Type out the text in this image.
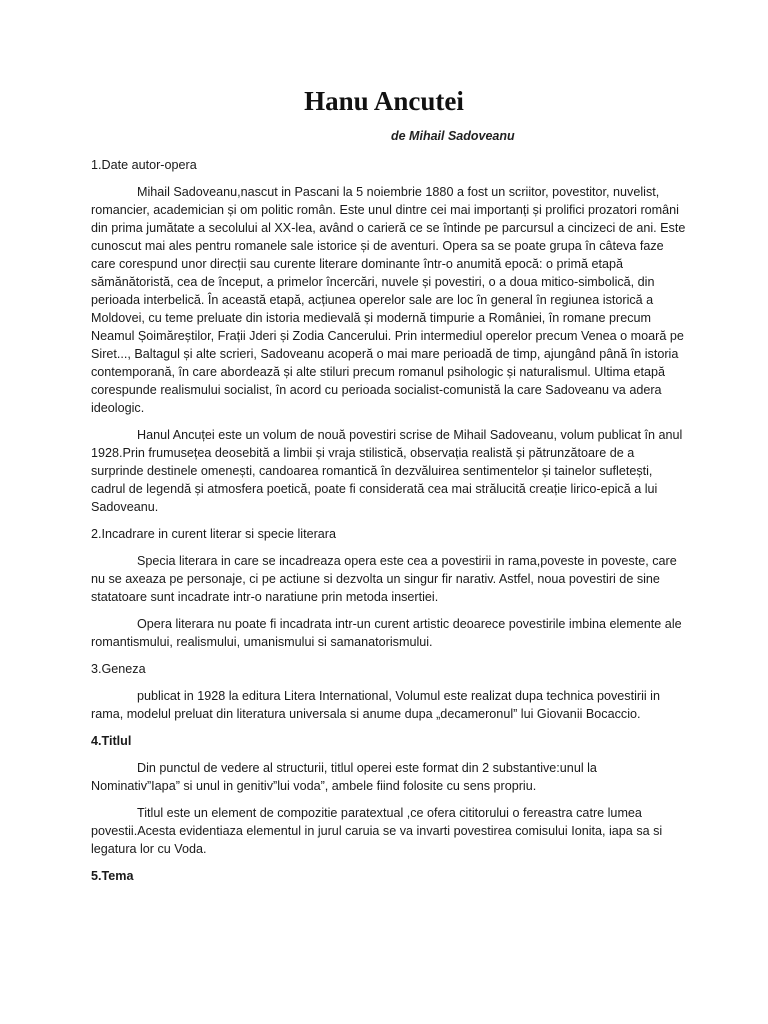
Hanu Ancutei
de Mihail Sadoveanu

1.Date autor-opera

Mihail Sadoveanu,nascut in Pascani la 5 noiembrie 1880 a fost un scriitor, povestitor, nuvelist, romancier, academician și om politic român. Este unul dintre cei mai importanți și prolifici prozatori români din prima jumătate a secolului al XX-lea, având o carieră ce se întinde pe parcursul a cincizeci de ani. Este cunoscut mai ales pentru romanele sale istorice și de aventuri. Opera sa se poate grupa în câteva faze care corespund unor direcții sau curente literare dominante într-o anumită epocă: o primă etapă sămănătoristă, cea de început, a primelor încercări, nuvele și povestiri, o a doua mitico-simbolică, din perioada interbelică. În această etapă, acțiunea operelor sale are loc în general în regiunea istorică a Moldovei, cu teme preluate din istoria medievală și modernă timpurie a României, în romane precum Neamul Șoimăreștilor, Frații Jderi și Zodia Cancerului. Prin intermediul operelor precum Venea o moară pe Siret..., Baltagul și alte scrieri, Sadoveanu acoperă o mai mare perioadă de timp, ajungând până în istoria contemporană, în care abordează și alte stiluri precum romanul psihologic și naturalismul. Ultima etapă corespunde realismului socialist, în acord cu perioada socialist-comunistă la care Sadoveanu va adera ideologic.

Hanul Ancuței este un volum de nouă povestiri scrise de Mihail Sadoveanu, volum publicat în anul 1928.Prin frumusețea deosebită a limbii și vraja stilistică, observația realistă și pătrunzătoare de a surprinde destinele omenești, candoarea romantică în dezvăluirea sentimentelor și tainelor sufletești, cadrul de legendă și atmosfera poetică, poate fi considerată cea mai strălucită creație lirico-epică a lui Sadoveanu.

2.Incadrare in curent literar si specie literara

Specia literara in care se incadreaza opera este cea a povestirii in rama,poveste in poveste, care nu se axeaza pe personaje, ci pe actiune si dezvolta un singur fir narativ. Astfel, noua povestiri de sine statatoare sunt incadrate intr-o naratiune prin metoda insertiei.

Opera literara nu poate fi incadrata intr-un curent artistic deoarece povestirile imbina elemente ale romantismului, realismului, umanismului si samanatorismului.

3.Geneza

publicat in 1928 la editura Litera International, Volumul este realizat dupa technica povestirii in rama, modelul preluat din literatura universala si anume dupa „decameronul” lui Giovanii Bocaccio.

4.Titlul

Din punctul de vedere al structurii, titlul operei este format din 2 substantive:unul la Nominativ”Iapa” si unul in genitiv”lui voda”, ambele fiind folosite cu sens propriu.

Titlul este un element de compozitie paratextual ,ce ofera cititorului o fereastra catre lumea povestii.Acesta evidentiaza elementul in jurul caruia se va invarti povestirea comisului Ionita, iapa sa si legatura lor cu Voda.

5.Tema
